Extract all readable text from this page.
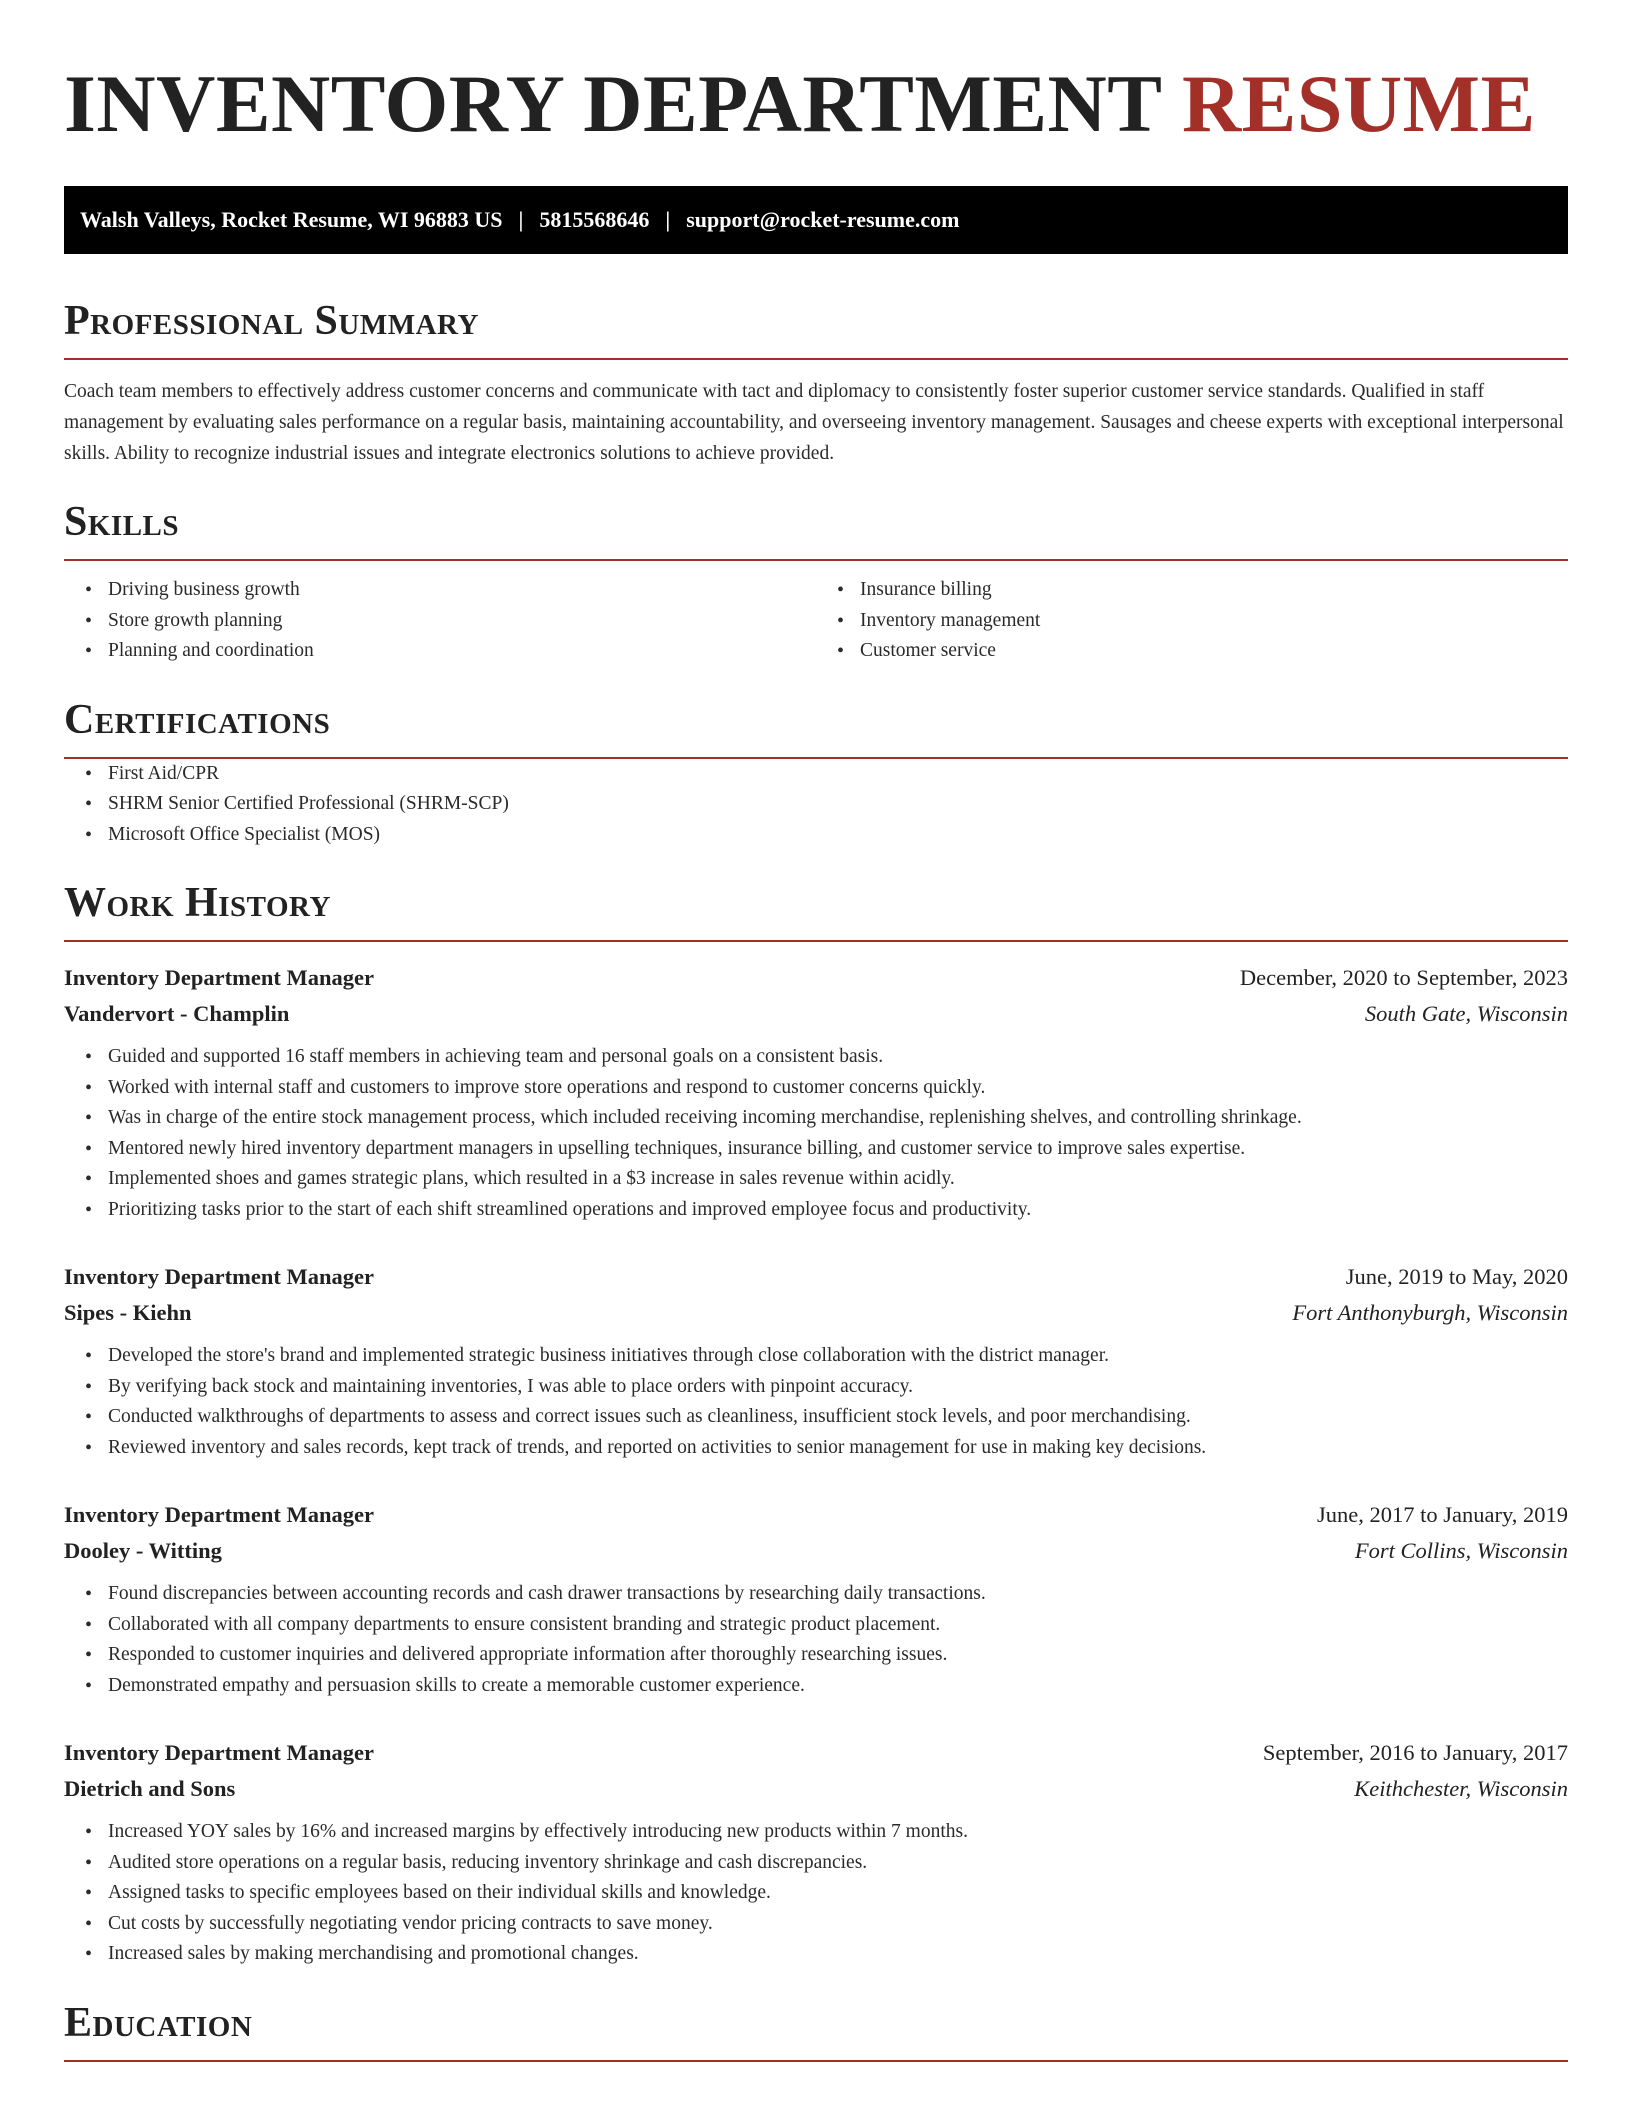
INVENTORY DEPARTMENT RESUME
Walsh Valleys, Rocket Resume, WI 96883 US | 5815568646 | support@rocket-resume.com
Professional Summary

Coach team members to effectively address customer concerns and communicate with tact and diplomacy to consistently foster superior customer service standards. Qualified in staff management by evaluating sales performance on a regular basis, maintaining accountability, and overseeing inventory management. Sausages and cheese experts with exceptional interpersonal skills. Ability to recognize industrial issues and integrate electronics solutions to achieve provided.

Skills
• Driving business growth
• Store growth planning
• Planning and coordination
• Insurance billing
• Inventory management
• Customer service
Certifications
• First Aid/CPR
• SHRM Senior Certified Professional (SHRM-SCP)
• Microsoft Office Specialist (MOS)
Work History
Inventory Department Manager	December, 2020 to September, 2023
Vandervort - Champlin	South Gate, Wisconsin
• Guided and supported 16 staff members in achieving team and personal goals on a consistent basis.
• Worked with internal staff and customers to improve store operations and respond to customer concerns quickly.
• Was in charge of the entire stock management process, which included receiving incoming merchandise, replenishing shelves, and controlling shrinkage.
• Mentored newly hired inventory department managers in upselling techniques, insurance billing, and customer service to improve sales expertise.
• Implemented shoes and games strategic plans, which resulted in a $3 increase in sales revenue within acidly.
• Prioritizing tasks prior to the start of each shift streamlined operations and improved employee focus and productivity.
Inventory Department Manager	June, 2019 to May, 2020
Sipes - Kiehn	Fort Anthonyburgh, Wisconsin
• Developed the store's brand and implemented strategic business initiatives through close collaboration with the district manager.
• By verifying back stock and maintaining inventories, I was able to place orders with pinpoint accuracy.
• Conducted walkthroughs of departments to assess and correct issues such as cleanliness, insufficient stock levels, and poor merchandising.
• Reviewed inventory and sales records, kept track of trends, and reported on activities to senior management for use in making key decisions.
Inventory Department Manager	June, 2017 to January, 2019
Dooley - Witting	Fort Collins, Wisconsin
• Found discrepancies between accounting records and cash drawer transactions by researching daily transactions.
• Collaborated with all company departments to ensure consistent branding and strategic product placement.
• Responded to customer inquiries and delivered appropriate information after thoroughly researching issues.
• Demonstrated empathy and persuasion skills to create a memorable customer experience.
Inventory Department Manager	September, 2016 to January, 2017
Dietrich and Sons	Keithchester, Wisconsin
• Increased YOY sales by 16% and increased margins by effectively introducing new products within 7 months.
• Audited store operations on a regular basis, reducing inventory shrinkage and cash discrepancies.
• Assigned tasks to specific employees based on their individual skills and knowledge.
• Cut costs by successfully negotiating vendor pricing contracts to save money.
• Increased sales by making merchandising and promotional changes.
Education
